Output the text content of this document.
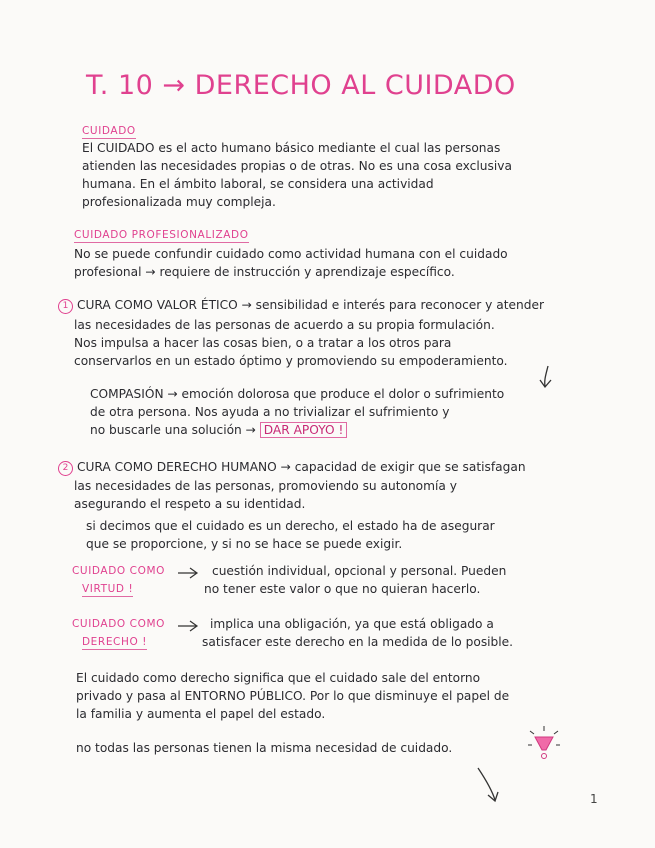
T. 10 → DERECHO AL CUIDADO
CUIDADO
El CUIDADO es el acto humano básico mediante el cual las personas
atienden las necesidades propias o de otras. No es una cosa exclusiva
humana. En el ámbito laboral, se considera una actividad
profesionalizada muy compleja.
CUIDADO PROFESIONALIZADO
No se puede confundir cuidado como actividad humana con el cuidado
profesional → requiere de instrucción y aprendizaje específico.
1 CURA COMO VALOR ÉTICO → sensibilidad e interés para reconocer y atender
las necesidades de las personas de acuerdo a su propia formulación.
Nos impulsa a hacer las cosas bien, o a tratar a los otros para
conservarlos en un estado óptimo y promoviendo su empoderamiento.
COMPASIÓN → emoción dolorosa que produce el dolor o sufrimiento
de otra persona. Nos ayuda a no trivializar el sufrimiento y
no buscarle una solución → DAR APOYO !
2 CURA COMO DERECHO HUMANO → capacidad de exigir que se satisfagan
las necesidades de las personas, promoviendo su autonomía y
asegurando el respeto a su identidad.
si decimos que el cuidado es un derecho, el estado ha de asegurar
que se proporcione, y si no se hace se puede exigir.
CUIDADO COMO
VIRTUD !
cuestión individual, opcional y personal. Pueden
no tener este valor o que no quieran hacerlo.
CUIDADO COMO
DERECHO !
implica una obligación, ya que está obligado a
satisfacer este derecho en la medida de lo posible.
El cuidado como derecho significa que el cuidado sale del entorno
privado y pasa al ENTORNO PÚBLICO. Por lo que disminuye el papel de
la familia y aumenta el papel del estado.
no todas las personas tienen la misma necesidad de cuidado.
1
